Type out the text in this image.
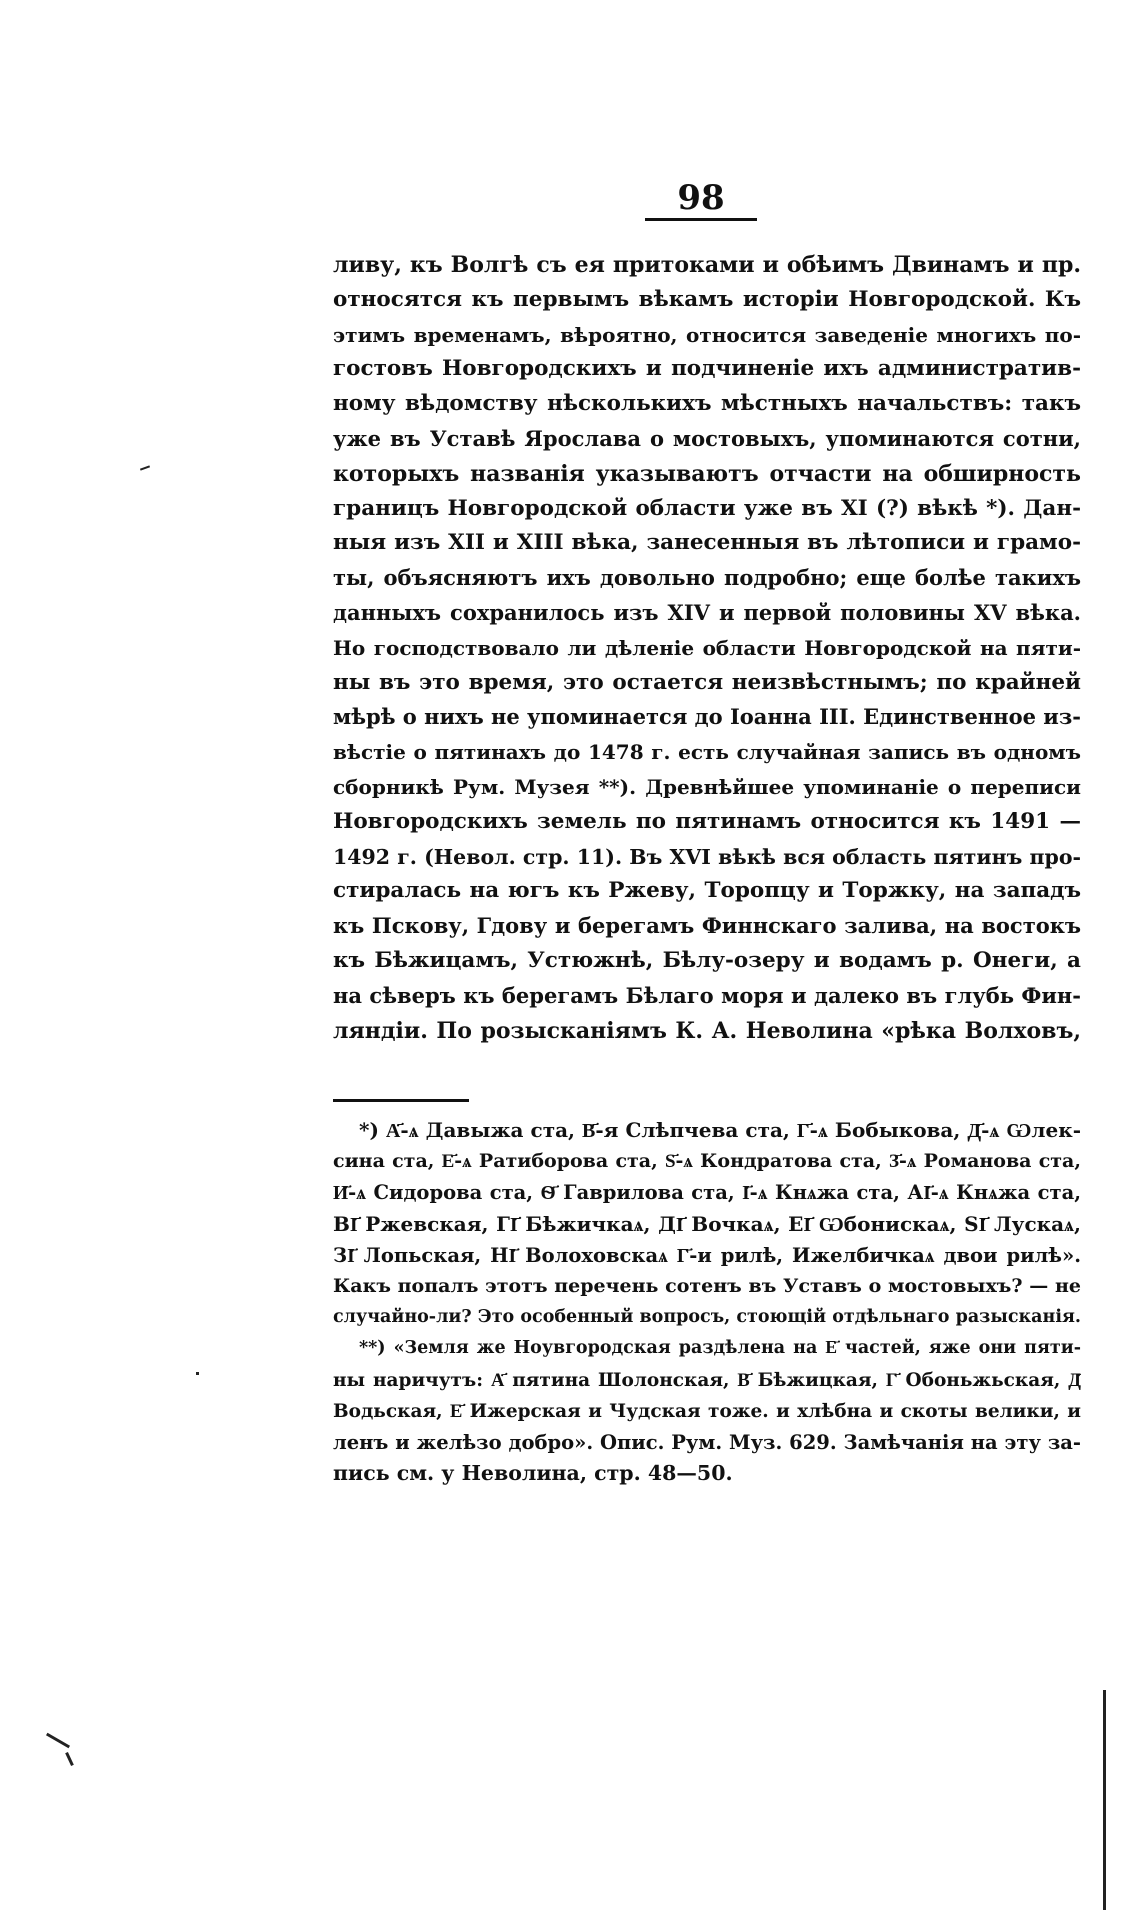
98
ливу, къ Волгѣ съ ея притоками и обѣимъ Двинамъ и пр.
относятся къ первымъ вѣкамъ исторіи Новгородской. Къ
этимъ временамъ, вѣроятно, относится заведеніе многихъ по-
гостовъ Новгородскихъ и подчиненіе ихъ административ-
ному вѣдомству нѣсколькихъ мѣстныхъ начальствъ: такъ
уже въ Уставѣ Ярослава о мостовыхъ, упоминаются сотни,
которыхъ названія указываютъ отчасти на обширность
границъ Новгородской области уже въ XI (?) вѣкѣ *). Дан-
ныя изъ XII и XIII вѣка, занесенныя въ лѣтописи и грамо-
ты, объясняютъ ихъ довольно подробно; еще болѣе такихъ
данныхъ сохранилось изъ XIV и первой половины XV вѣка.
Но господствовало ли дѣленіе области Новгородской на пяти-
ны въ это время, это остается неизвѣстнымъ; по крайней
мѣрѣ о нихъ не упоминается до Іоанна III. Единственное из-
вѣстіе о пятинахъ до 1478 г. есть случайная запись въ одномъ
сборникѣ Рум. Музея **). Древнѣйшее упоминаніе о переписи
Новгородскихъ земель по пятинамъ относится къ 1491 —
1492 г. (Невол. стр. 11). Въ XVI вѣкѣ вся область пятинъ про-
стиралась на югъ къ Ржеву, Торопцу и Торжку, на западъ
къ Пскову, Гдову и берегамъ Финнскаго залива, на востокъ
къ Бѣжицамъ, Устюжнѣ, Бѣлу-озеру и водамъ р. Онеги, а
на сѣверъ къ берегамъ Бѣлаго моря и далеко въ глубь Фин-
ляндіи. По розысканіямъ К. А. Неволина «рѣка Волховъ,
*) А҃-ѧ Давыжа ста, В҃-я Слѣпчева ста, Г҃-ѧ Бобыкова, Д҃-ѧ Ѡлек-
сина ста, Е҃-ѧ Ратиборова ста, Ѕ҃-ѧ Кондратова ста, З҃-ѧ Романова ста,
И҃-ѧ Сидорова ста, Ѳ҃ Гаврилова ста, І҃-ѧ Кнѧжа ста, АІ҃-ѧ Кнѧжа ста,
ВІ҃ Ржевская, ГІ҃ Бѣжичкаѧ, ДІ҃ Вочкаѧ, ЕІ҃ Ѡбонискаѧ, ЅІ҃ Лускаѧ,
ЗІ҃ Лопьская, НІ҃ Волоховскаѧ Г҃-и рилѣ, Ижелбичкаѧ двои рилѣ».
Какъ попалъ этотъ перечень сотенъ въ Уставъ о мостовыхъ? — не
случайно-ли? Это особенный вопросъ, стоющій отдѣльнаго разысканія.
**) «Земля же Ноувгородская раздѣлена на Е҃ частей, яже они пяти-
ны наричутъ: А҃ пятина Шолонская, В҃ Бѣжицкая, Г҃ Обоньжьская, Д҃
Водьская, Е҃ Ижерская и Чудская тоже. и хлѣбна и скоты велики, и
ленъ и желѣзо добро». Опис. Рум. Муз. 629. Замѣчанія на эту за-
пись см. у Неволина, стр. 48—50.
